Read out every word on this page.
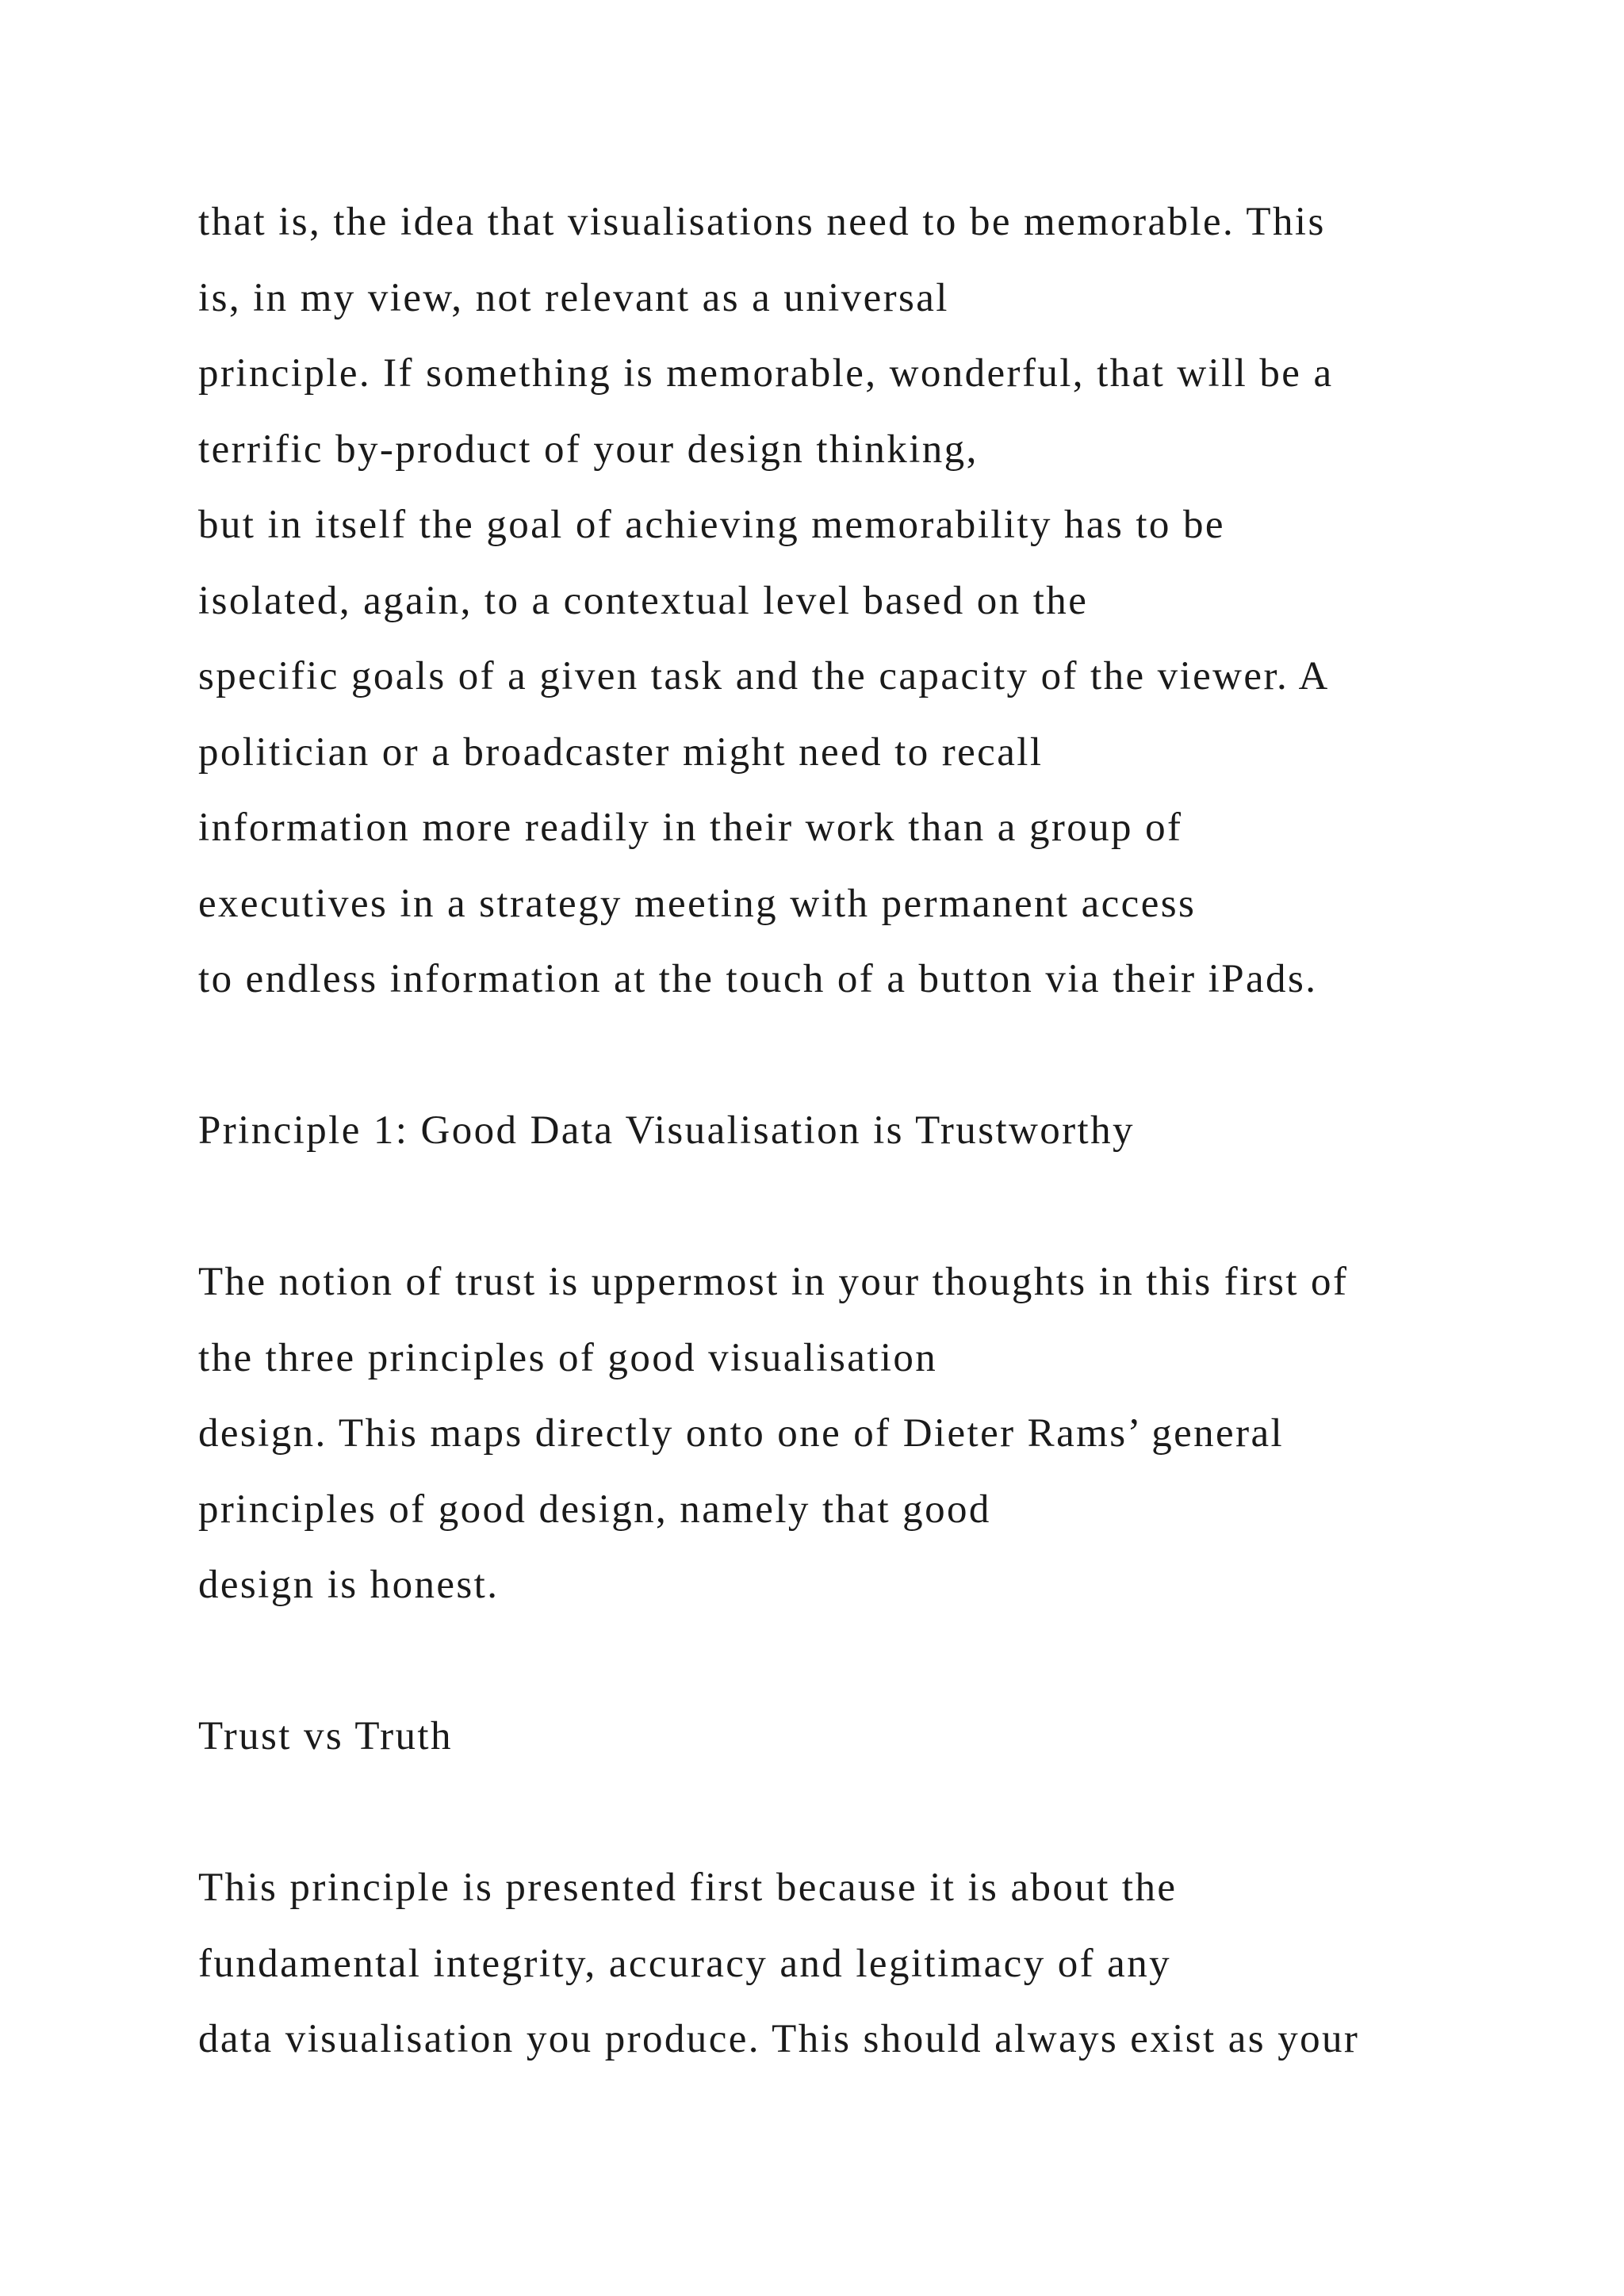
that is, the idea that visualisations need to be memorable. This
is, in my view, not relevant as a universal
principle. If something is memorable, wonderful, that will be a
terrific by-product of your design thinking,
but in itself the goal of achieving memorability has to be
isolated, again, to a contextual level based on the
specific goals of a given task and the capacity of the viewer. A
politician or a broadcaster might need to recall
information more readily in their work than a group of
executives in a strategy meeting with permanent access
to endless information at the touch of a button via their iPads.
Principle 1: Good Data Visualisation is Trustworthy
The notion of trust is uppermost in your thoughts in this first of
the three principles of good visualisation
design. This maps directly onto one of Dieter Rams’ general
principles of good design, namely that good
design is honest.
Trust vs Truth
This principle is presented first because it is about the
fundamental integrity, accuracy and legitimacy of any
data visualisation you produce. This should always exist as your
